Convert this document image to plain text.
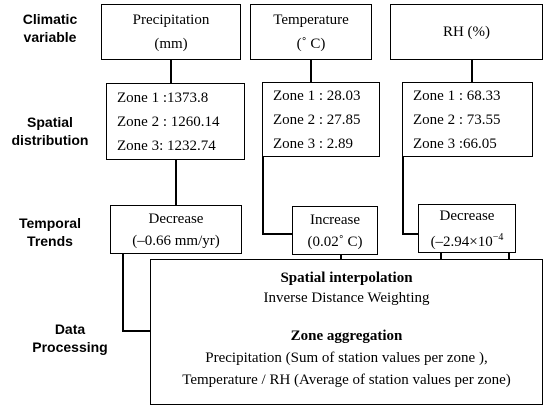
Climatic
variable
Spatial
distribution
Temporal
Trends
Data
Processing
Precipitation
(mm)
Temperature
(˚ C)
RH (%)
Zone 1 :1373.8
Zone 2 : 1260.14
Zone 3: 1232.74
Zone 1 : 28.03
Zone 2 : 27.85
Zone 3 : 2.89
Zone 1 : 68.33
Zone 2 : 73.55
Zone 3 :66.05
Decrease
(–0.66 mm/yr)
Increase
(0.02˚ C)
Decrease
($-2.94\times 10^{-4}$
Spatial interpolation
Inverse Distance Weighting
Zone aggregation
Precipitation (Sum of station values per zone ),
Temperature / RH (Average of station values per zone)
